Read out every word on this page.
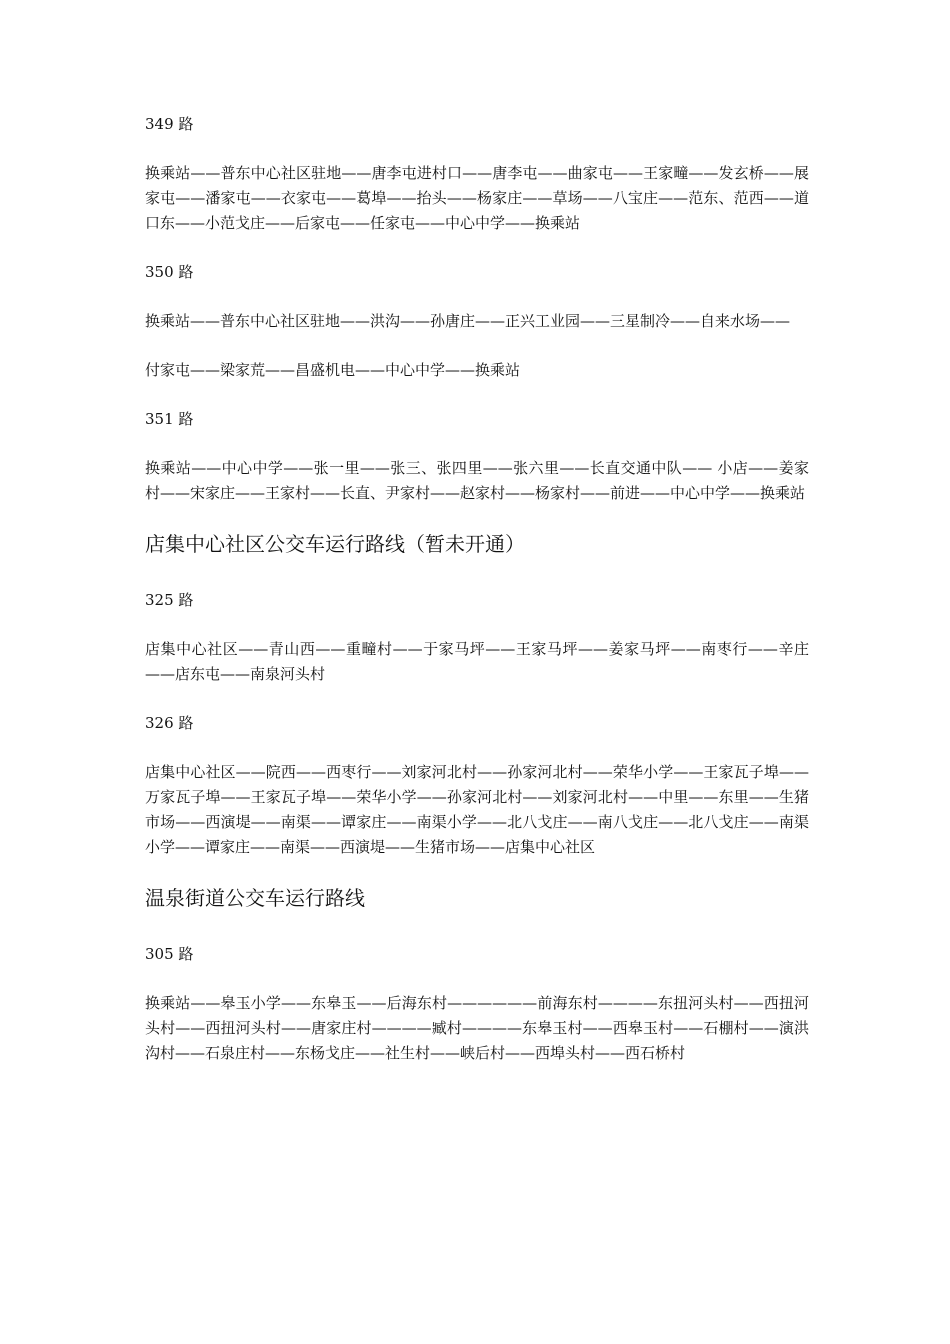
349 路
换乘站——普东中心社区驻地——唐李屯进村口——唐李屯——曲家屯——王家疃——发玄桥——展家屯——潘家屯——衣家屯——葛埠——抬头——杨家庄——草场——八宝庄——范东、范西——道口东——小范戈庄——后家屯——任家屯——中心中学——换乘站
350 路
换乘站——普东中心社区驻地——洪沟——孙唐庄——正兴工业园——三星制冷——自来水场——
付家屯——梁家荒——昌盛机电——中心中学——换乘站
351 路
换乘站——中心中学——张一里——张三、张四里——张六里——长直交通中队—— 小店——姜家村——宋家庄——王家村——长直、尹家村——赵家村——杨家村——前进——中心中学——换乘站
店集中心社区公交车运行路线（暂未开通）
325 路
店集中心社区——青山西——重疃村——于家马坪——王家马坪——姜家马坪——南枣行——辛庄——店东屯——南泉河头村
326 路
店集中心社区——院西——西枣行——刘家河北村——孙家河北村——荣华小学——王家瓦子埠——万家瓦子埠——王家瓦子埠——荣华小学——孙家河北村——刘家河北村——中里——东里——生猪市场——西演堤——南渠——谭家庄——南渠小学——北八戈庄——南八戈庄——北八戈庄——南渠小学——谭家庄——南渠——西演堤——生猪市场——店集中心社区
温泉街道公交车运行路线
305 路
换乘站——皋玉小学——东皋玉——后海东村——————前海东村————东扭河头村——西扭河头村——西扭河头村——唐家庄村————臧村————东皋玉村——西皋玉村——石棚村——演洪沟村——石泉庄村——东杨戈庄——社生村——峡后村——西埠头村——西石桥村
